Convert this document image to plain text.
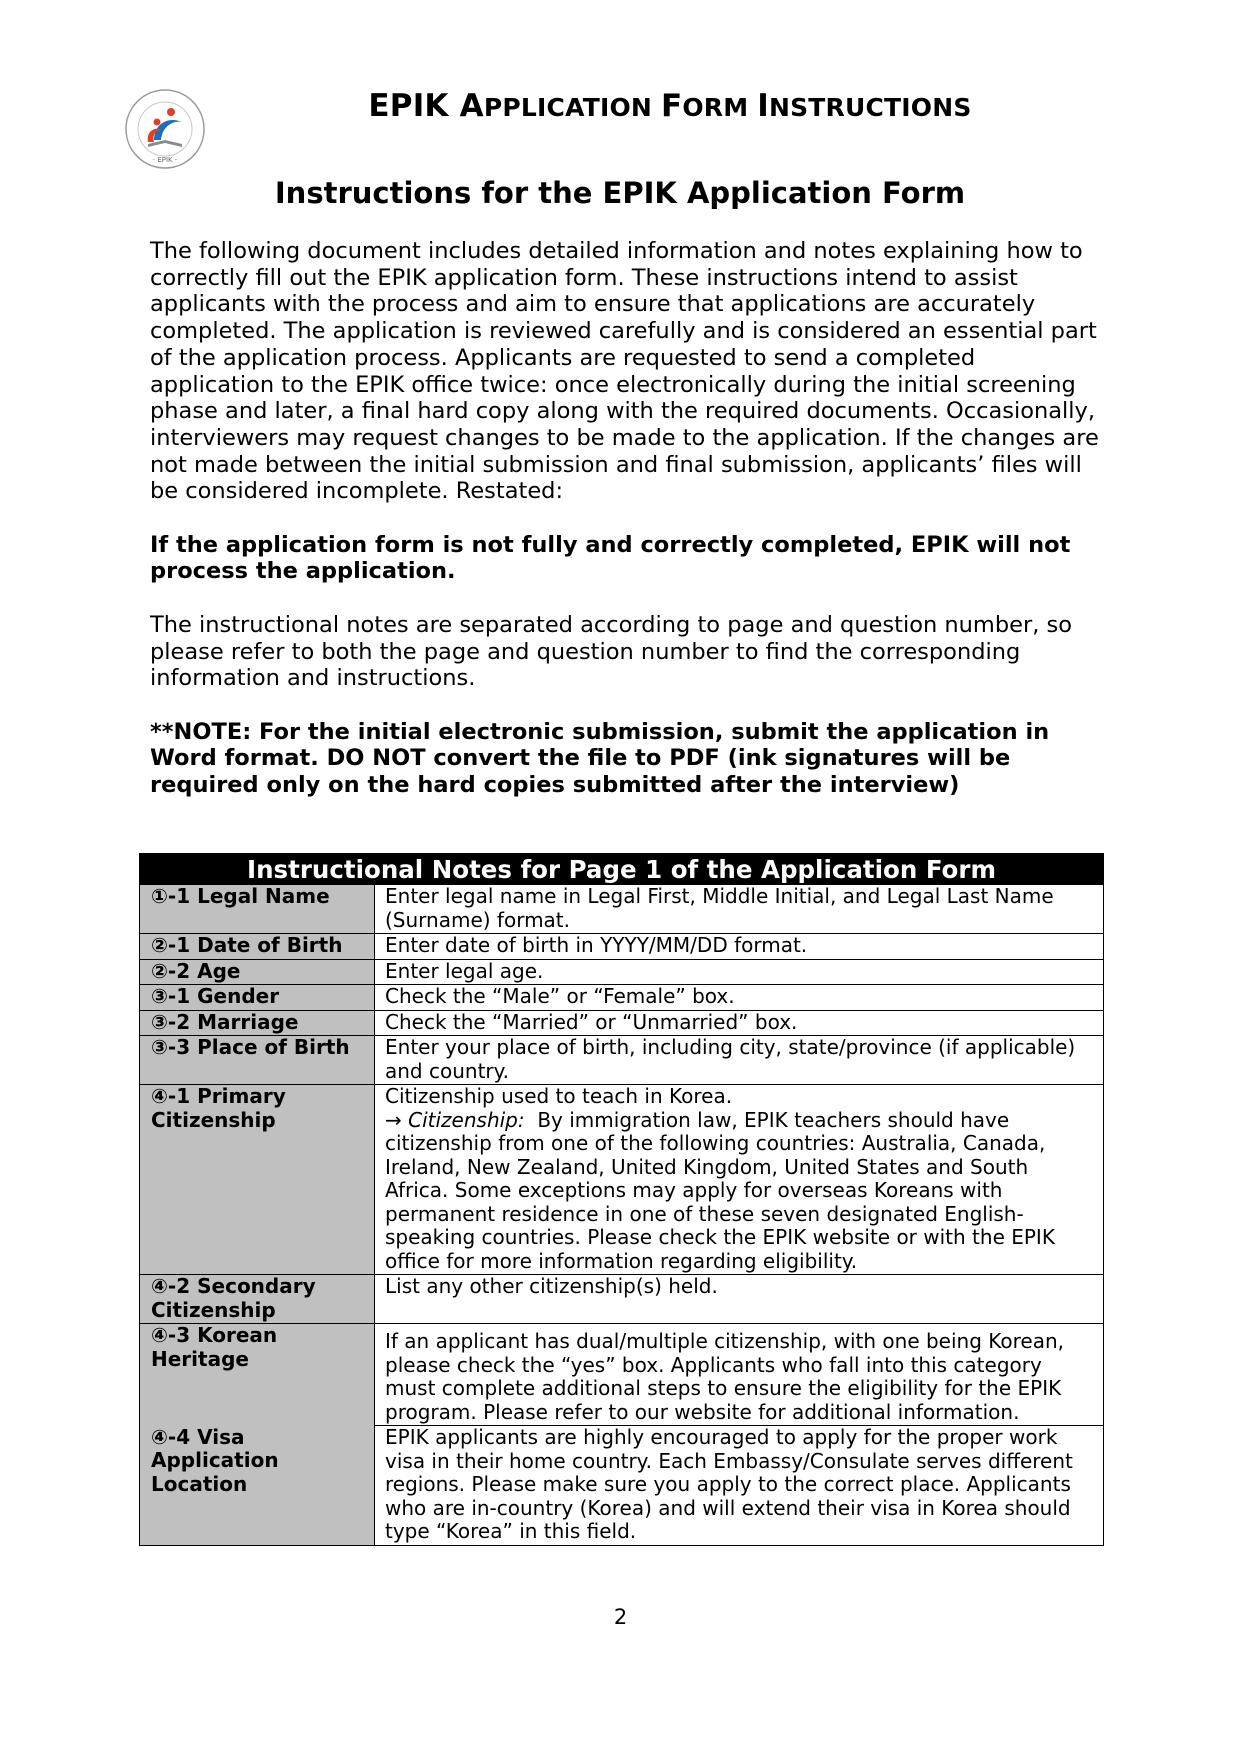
· EPIK ·
EPIK APPLICATION FORM INSTRUCTIONS
Instructions for the EPIK Application Form

The following document includes detailed information and notes explaining how to correctly fill out the EPIK application form. These instructions intend to assist applicants with the process and aim to ensure that applications are accurately completed. The application is reviewed carefully and is considered an essential part of the application process. Applicants are requested to send a completed application to the EPIK office twice: once electronically during the initial screening phase and later, a final hard copy along with the required documents. Occasionally, interviewers may request changes to be made to the application. If the changes are not made between the initial submission and final submission, applicants’ files will be considered incomplete. Restated:

If the application form is not fully and correctly completed, EPIK will not process the application.

The instructional notes are separated according to page and question number, so please refer to both the page and question number to find the corresponding information and instructions.

**NOTE: For the initial electronic submission, submit the application in Word format. DO NOT convert the file to PDF (ink signatures will be required only on the hard copies submitted after the interview)

Instructional Notes for Page 1 of the Application Form	
①-1 Legal Name	Enter legal name in Legal First, Middle Initial, and Legal Last Name (Surname) format.
②-1 Date of Birth	Enter date of birth in YYYY/MM/DD format.
②-2 Age	Enter legal age.
③-1 Gender	Check the “Male” or “Female” box.
③-2 Marriage	Check the “Married” or “Unmarried” box.
③-3 Place of Birth	Enter your place of birth, including city, state/province (if applicable) and country.
④-1 Primary Citizenship	Citizenship used to teach in Korea.
→ Citizenship:  By immigration law, EPIK teachers should have citizenship from one of the following countries: Australia, Canada, Ireland, New Zealand, United Kingdom, United States and South Africa. Some exceptions may apply for overseas Koreans with permanent residence in one of these seven designated English-speaking countries. Please check the EPIK website or with the EPIK office for more information regarding eligibility.

④-2 Secondary Citizenship	List any other citizenship(s) held.
④-3 Korean Heritage	If an applicant has dual/multiple citizenship, with one being Korean, please check the “yes” box. Applicants who fall into this category must complete additional steps to ensure the eligibility for the EPIK program. Please refer to our website for additional information.
④-4 Visa Application Location	EPIK applicants are highly encouraged to apply for the proper work visa in their home country. Each Embassy/Consulate serves different regions. Please make sure you apply to the correct place. Applicants who are in-country (Korea) and will extend their visa in Korea should type “Korea” in this field.
2
